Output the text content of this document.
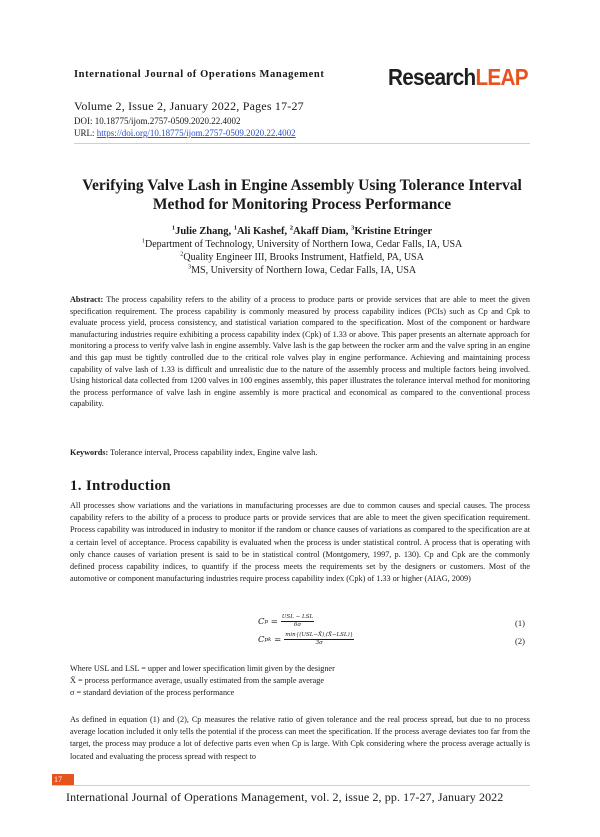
International Journal of Operations Management	ResearchLEAP
Volume 2, Issue 2, January 2022, Pages 17-27
DOI: 10.18775/ijom.2757-0509.2020.22.4002
URL: https://doi.org/10.18775/ijom.2757-0509.2020.22.4002
Verifying Valve Lash in Engine Assembly Using Tolerance Interval
Method for Monitoring Process Performance
$^1$Julie Zhang, $^1$Ali Kashef, $^2$Akaff Diam, $^3$Kristine Etringer
$^1$Department of Technology, University of Northern Iowa, Cedar Falls, IA, USA
$^2$Quality Engineer III, Brooks Instrument, Hatfield, PA, USA
$^3$MS, University of Northern Iowa, Cedar Falls, IA, USA
Abstract: The process capability refers to the ability of a process to produce parts or provide services that are able to meet the given specification requirement. The process capability is commonly measured by process capability indices (PCIs) such as Cp and Cpk to evaluate process yield, process consistency, and statistical variation compared to the specification. Most of the component or hardware manufacturing industries require exhibiting a process capability index (Cpk) of 1.33 or above. This paper presents an alternate approach for monitoring a process to verify valve lash in engine assembly. Valve lash is the gap between the rocker arm and the valve spring in an engine and this gap must be tightly controlled due to the critical role valves play in engine performance. Achieving and maintaining process capability of valve lash of 1.33 is difficult and unrealistic due to the nature of the assembly process and multiple factors being involved. Using historical data collected from 1200 valves in 100 engines assembly, this paper illustrates the tolerance interval method for monitoring the process performance of valve lash in engine assembly is more practical and economical as compared to the conventional process capability.
Keywords: Tolerance interval, Process capability index, Engine valve lash.
1. Introduction
All processes show variations and the variations in manufacturing processes are due to common causes and special causes. The process capability refers to the ability of a process to produce parts or provide services that are able to meet the given specification requirement. Process capability was introduced in industry to monitor if the random or chance causes of variations as compared to the specification are at a certain level of acceptance. Process capability is evaluated when the process is under statistical control. A process that is operating with only chance causes of variation present is said to be in statistical control (Montgomery, 1997, p. 130). Cp and Cpk are the commonly defined process capability indices, to quantify if the process meets the requirements set by the designers or customers. Most of the automotive or component manufacturing industries require process capability index (Cpk) of 1.33 or higher (AIAG, 2009)
C $p = \frac{\text{USL − LSL}}{6\sigma}$	(1)
C pk = $\frac{\text{min\{(USL−X̄),(X̄−LSL)\}}}{3\sigma}$	(2)
Where USL and LSL = upper and lower specification limit given by the designer
X̄ = process performance average, usually estimated from the sample average
σ = standard deviation of the process performance
As defined in equation (1) and (2), Cp measures the relative ratio of given tolerance and the real process spread, but due to no process average location included it only tells the potential if the process can meet the specification. If the process average deviates too far from the target, the process may produce a lot of defective parts even when Cp is large. With Cpk considering where the process average actually is located and evaluating the process spread with respect to
17
International Journal of Operations Management, vol. 2, issue 2, pp. 17-27, January 2022
